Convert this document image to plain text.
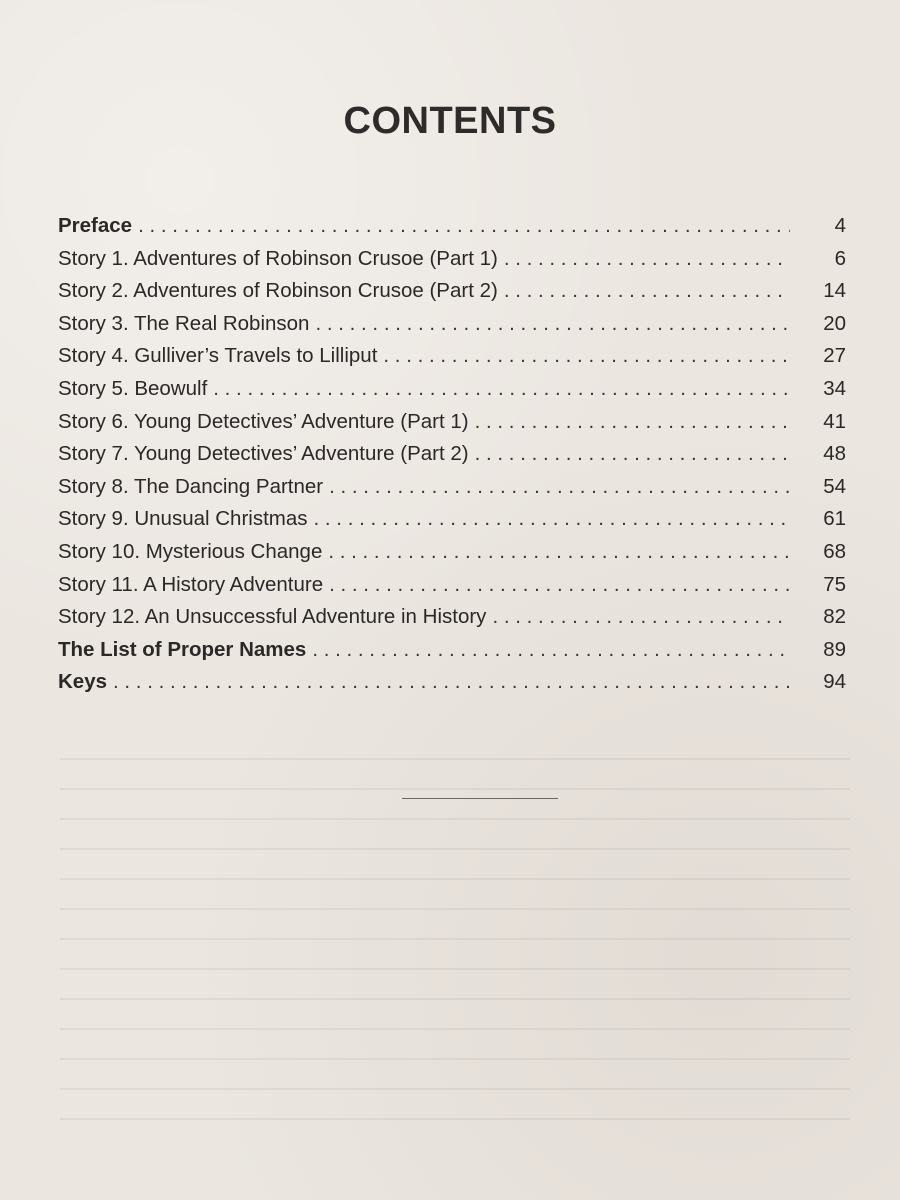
CONTENTS
Preface . . .	4
Story 1. Adventures of Robinson Crusoe (Part 1) . . .	6
Story 2. Adventures of Robinson Crusoe (Part 2) . . .	14
Story 3. The Real Robinson . . .	20
Story 4. Gulliver’s Travels to Lilliput . . .	27
Story 5. Beowulf . . .	34
Story 6. Young Detectives’ Adventure (Part 1) . . .	41
Story 7. Young Detectives’ Adventure (Part 2) . . .	48
Story 8. The Dancing Partner . . .	54
Story 9. Unusual Christmas . . .	61
Story 10. Mysterious Change . . .	68
Story 11. A History Adventure . . .	75
Story 12. An Unsuccessful Adventure in History . . .	82
The List of Proper Names . . .	89
Keys . . .	94
